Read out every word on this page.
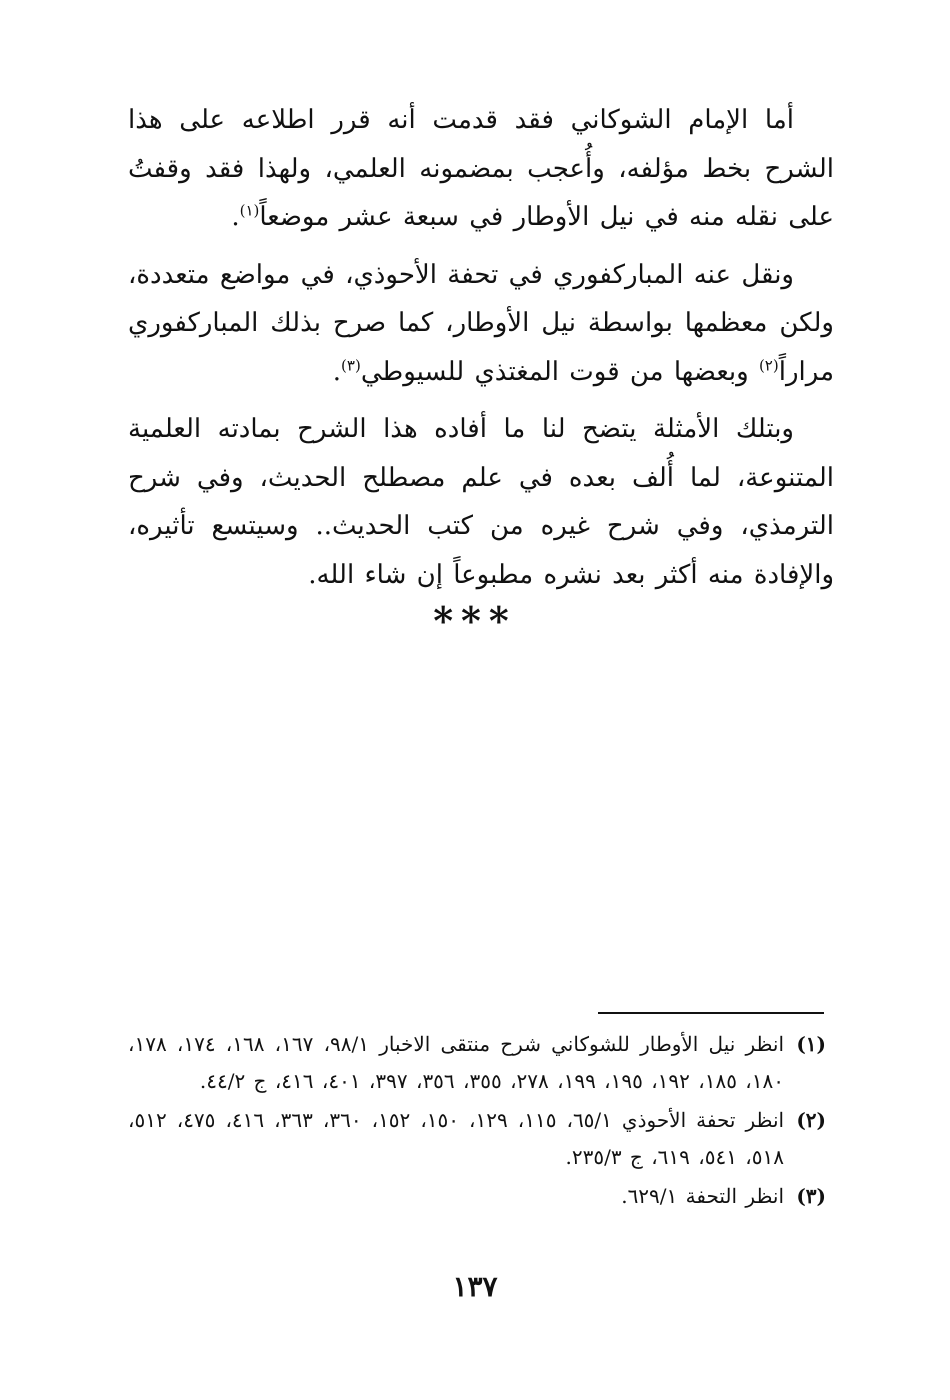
أما الإمام الشوكاني فقد قدمت أنه قرر اطلاعه على هذا الشرح بخط مؤلفه، وأُعجب بمضمونه العلمي، ولهذا فقد وقفتُ على نقله منه في نيل الأوطار في سبعة عشر موضعاً$^{(١)}$.

ونقل عنه المباركفوري في تحفة الأحوذي، في مواضع متعددة، ولكن معظمها بواسطة نيل الأوطار، كما صرح بذلك المباركفوري مراراً$^{(٢)}$ وبعضها من قوت المغتذي للسيوطي$^{(٣)}$.

وبتلك الأمثلة يتضح لنا ما أفاده هذا الشرح بمادته العلمية المتنوعة، لما أُلف بعده في علم مصطلح الحديث، وفي شرح الترمذي، وفي شرح غيره من كتب الحديث.. وسيتسع تأثيره، والإفادة منه أكثر بعد نشره مطبوعاً إن شاء الله.

***
(١)
انظر نيل الأوطار للشوكاني شرح منتقى الاخبار ٩٨/١، ١٦٧، ١٦٨، ١٧٤، ١٧٨، ١٨٠، ١٨٥، ١٩٢، ١٩٥، ١٩٩، ٢٧٨، ٣٥٥، ٣٥٦، ٣٩٧، ٤٠١، ٤١٦، ج ٤٤/٢.
(٢)
انظر تحفة الأحوذي ٦٥/١، ١١٥، ١٢٩، ١٥٠، ١٥٢، ٣٦٠، ٣٦٣، ٤١٦، ٤٧٥، ٥١٢، ٥١٨، ٥٤١، ٦١٩، ج ٢٣٥/٣.
(٣)
انظر التحفة ٦٢٩/١.
١٣٧
